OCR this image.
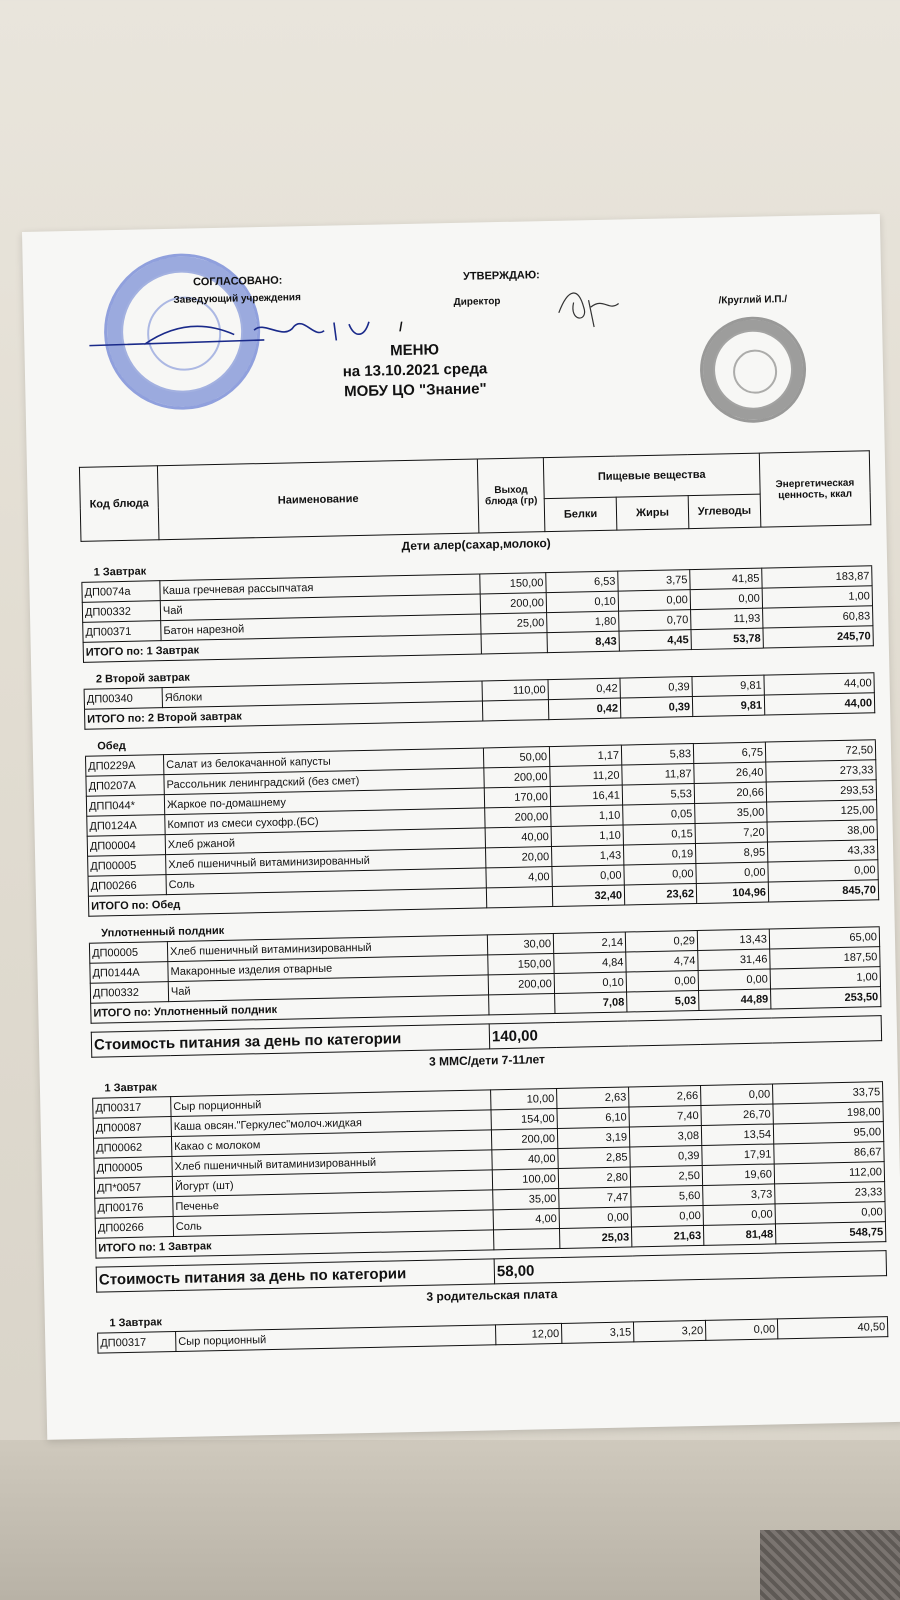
СОГЛАСОВАНО:
Заведующий учреждения
/
УТВЕРЖДАЮ:
Директор	/Круглий И.П./
МЕНЮ
на 13.10.2021 среда
МОБУ ЦО "Знание"
Код блюда	Наименование	Выход блюда (гр)	Пищевые вещества			Энергетическая ценность, ккал
			Белки	Жиры	Углеводы	
Дети алер(сахар,молоко)						
1 Завтрак						
ДП0074а	Каша гречневая рассыпчатая	150,00	6,53	3,75	41,85	183,87
ДП00332	Чай	200,00	0,10	0,00	0,00	1,00
ДП00371	Батон нарезной	25,00	1,80	0,70	11,93	60,83
ИТОГО по: 1 Завтрак			8,43	4,45	53,78	245,70

2 Второй завтрак						
ДП00340	Яблоки	110,00	0,42	0,39	9,81	44,00
ИТОГО по: 2 Второй завтрак			0,42	0,39	9,81	44,00

Обед						
ДП0229А	Салат из белокачанной капусты	50,00	1,17	5,83	6,75	72,50
ДП0207А	Рассольник ленинградский (без смет)	200,00	11,20	11,87	26,40	273,33
ДПП044*	Жаркое по-домашнему	170,00	16,41	5,53	20,66	293,53
ДП0124А	Компот из смеси сухофр.(БС)	200,00	1,10	0,05	35,00	125,00
ДП00004	Хлеб ржаной	40,00	1,10	0,15	7,20	38,00
ДП00005	Хлеб пшеничный витаминизированный	20,00	1,43	0,19	8,95	43,33
ДП00266	Соль	4,00	0,00	0,00	0,00	0,00
ИТОГО по: Обед			32,40	23,62	104,96	845,70

Уплотненный полдник						
ДП00005	Хлеб пшеничный витаминизированный	30,00	2,14	0,29	13,43	65,00
ДП0144А	Макаронные изделия отварные	150,00	4,84	4,74	31,46	187,50
ДП00332	Чай	200,00	0,10	0,00	0,00	1,00
ИТОГО по: Уплотненный полдник			7,08	5,03	44,89	253,50

Стоимость питания за день по категории		140,00				
3 ММС/дети 7-11лет						
1 Завтрак						
ДП00317	Сыр порционный	10,00	2,63	2,66	0,00	33,75
ДП00087	Каша овсян."Геркулес"молоч.жидкая	154,00	6,10	7,40	26,70	198,00
ДП00062	Какао с молоком	200,00	3,19	3,08	13,54	95,00
ДП00005	Хлеб пшеничный витаминизированный	40,00	2,85	0,39	17,91	86,67
ДП*0057	Йогурт (шт)	100,00	2,80	2,50	19,60	112,00
ДП00176	Печенье	35,00	7,47	5,60	3,73	23,33
ДП00266	Соль	4,00	0,00	0,00	0,00	0,00
ИТОГО по: 1 Завтрак			25,03	21,63	81,48	548,75

Стоимость питания за день по категории		58,00				
3 родительская плата						
1 Завтрак						
ДП00317	Сыр порционный	12,00	3,15	3,20	0,00	40,50
